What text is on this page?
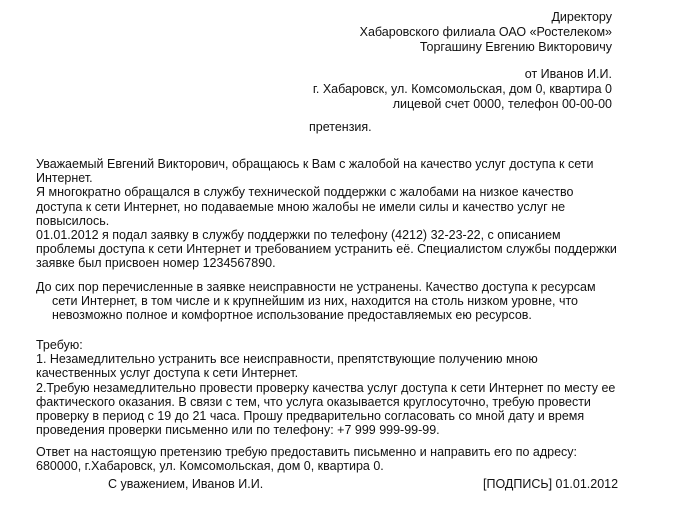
Директору
Хабаровского филиала ОАО «Ростелеком»
Торгашину Евгению Викторовичу
от Иванов И.И.
г. Хабаровск, ул. Комсомольская, дом 0, квартира 0
лицевой счет 0000, телефон 00-00-00
претензия.

Уважаемый Евгений Викторович, обращаюсь к Вам с жалобой на качество услуг доступа к сети

Интернет.

Я многократно обращался в службу технической поддержки с жалобами на низкое качество

доступа к сети Интернет, но подаваемые мною жалобы не имели силы и качество услуг не

повысилось.

01.01.2012 я подал заявку в службу поддержки по телефону (4212) 32-23-22, с описанием

проблемы доступа к сети Интернет и требованием устранить её. Специалистом службы поддержки

заявке был присвоен номер 1234567890.

До сих пор перечисленные в заявке неисправности не устранены. Качество доступа к ресурсам

сети Интернет, в том числе и к крупнейшим из них, находится на столь низком уровне, что

невозможно полное и комфортное использование предоставляемых ею ресурсов.

Требую:

1. Незамедлительно устранить все неисправности, препятствующие получению мною

качественных услуг доступа к сети Интернет.

2.Требую незамедлительно провести проверку качества услуг доступа к сети Интернет по месту ее

фактического оказания. В связи с тем, что услуга оказывается круглосуточно, требую провести

проверку в период с 19 до 21 часа. Прошу предварительно согласовать со мной дату и время

проведения проверки письменно или по телефону: +7 999 999-99-99.

Ответ на настоящую претензию требую предоставить письменно и направить его по адресу:

680000, г.Хабаровск, ул. Комсомольская, дом 0, квартира 0.

С уважением, Иванов И.И.	[ПОДПИСЬ] 01.01.2012
